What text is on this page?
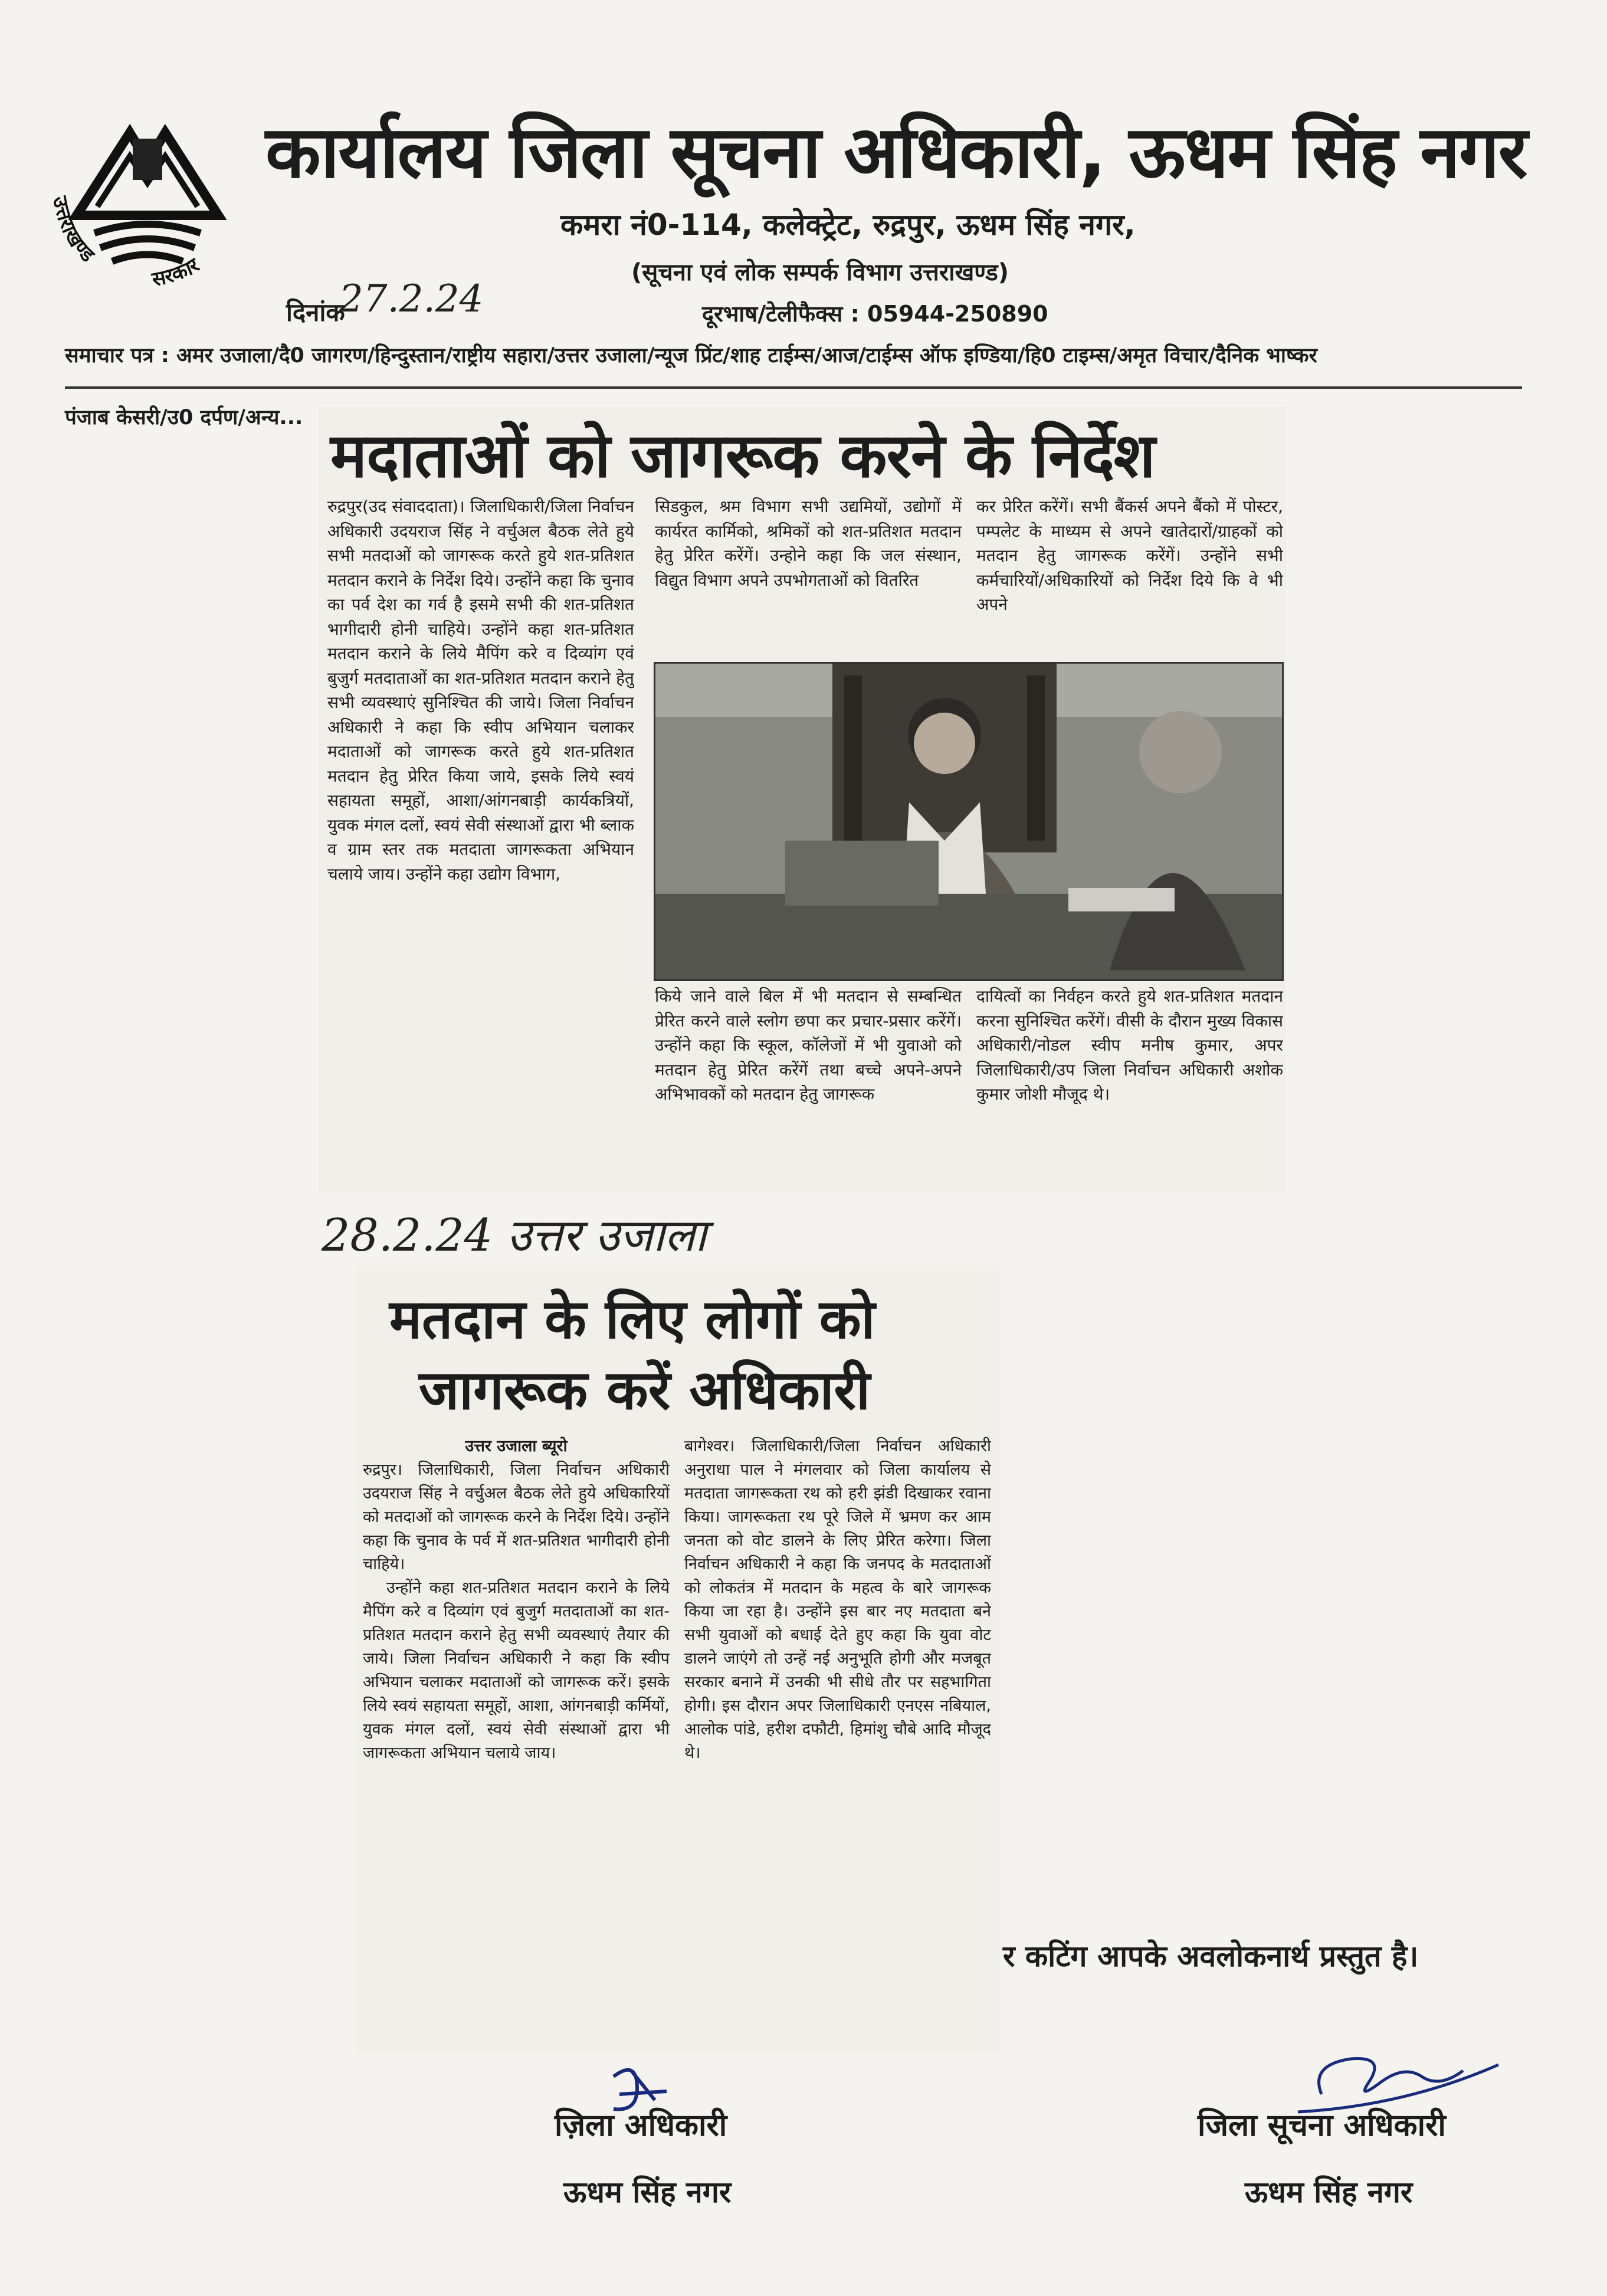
उत्तराखण्ड
सरकार
कार्यालय जिला सूचना अधिकारी, ऊधम सिंह नगर
कमरा नं0-114, कलेक्ट्रेट, रुद्रपुर, ऊधम सिंह नगर,
(सूचना एवं लोक सम्पर्क विभाग उत्तराखण्ड)
दिनांक
27.2.24	दूरभाष/टेलीफैक्स : 05944-250890
समाचार पत्र : अमर उजाला/दै0 जागरण/हिन्दुस्तान/राष्ट्रीय सहारा/उत्तर उजाला/न्यूज प्रिंट/शाह टाईम्स/आज/टाईम्स ऑफ इण्डिया/हि0 टाइम्स/अमृत विचार/दैनिक भाष्कर
पंजाब केसरी/उ0 दर्पण/अन्य...
मदाताओं को जागरूक करने के निर्देश
रुद्रपुर(उद संवाददाता)। जिलाधिकारी/जिला निर्वाचन अधिकारी उदयराज सिंह ने वर्चुअल बैठक लेते हुये सभी मतदाओं को जागरूक करते हुये शत-प्रतिशत मतदान कराने के निर्देश दिये। उन्होंने कहा कि चुनाव का पर्व देश का गर्व है इसमे सभी की शत-प्रतिशत भागीदारी होनी चाहिये। उन्होंने कहा शत-प्रतिशत मतदान कराने के लिये मैपिंग करे व दिव्यांग एवं बुजुर्ग मतदाताओं का शत-प्रतिशत मतदान कराने हेतु सभी व्यवस्थाएं सुनिश्चित की जाये। जिला निर्वाचन अधिकारी ने कहा कि स्वीप अभियान चलाकर मदाताओं को जागरूक करते हुये शत-प्रतिशत मतदान हेतु प्रेरित किया जाये, इसके लिये स्वयं सहायता समूहों, आशा/आंगनबाड़ी कार्यकत्रियों, युवक मंगल दलों, स्वयं सेवी संस्थाओं द्वारा भी ब्लाक व ग्राम स्तर तक मतदाता जागरूकता अभियान चलाये जाय। उन्होंने कहा उद्योग विभाग,
सिडकुल, श्रम विभाग सभी उद्यमियों, उद्योगों में कार्यरत कार्मिको, श्रमिकों को शत-प्रतिशत मतदान हेतु प्रेरित करेंगें। उन्होने कहा कि जल संस्थान, विद्युत विभाग अपने उपभोगताओं को वितरित
कर प्रेरित करेंगें। सभी बैंकर्स अपने बैंको में पोस्टर, पम्पलेट के माध्यम से अपने खातेदारों/ग्राहकों को मतदान हेतु जागरूक करेंगें। उन्होंने सभी कर्मचारियों/अधिकारियों को निर्देश दिये कि वे भी अपने
किये जाने वाले बिल में भी मतदान से सम्बन्धित प्रेरित करने वाले स्लोग छपा कर प्रचार-प्रसार करेंगें। उन्होंने कहा कि स्कूल, कॉलेजों में भी युवाओ को मतदान हेतु प्रेरित करेंगें तथा बच्चे अपने-अपने अभिभावकों को मतदान हेतु जागरूक
दायित्वों का निर्वहन करते हुये शत-प्रतिशत मतदान करना सुनिश्चित करेंगें। वीसी के दौरान मुख्य विकास अधिकारी/नोडल स्वीप मनीष कुमार, अपर जिलाधिकारी/उप जिला निर्वाचन अधिकारी अशोक कुमार जोशी मौजूद थे।
28.2.24 उत्तर उजाला
मतदान के लिए लोगों को
जागरूक करें अधिकारी

उत्तर उजाला ब्यूरो

रुद्रपुर। जिलाधिकारी, जिला निर्वाचन अधिकारी उदयराज सिंह ने वर्चुअल बैठक लेते हुये अधिकारियों को मतदाओं को जागरूक करने के निर्देश दिये। उन्होंने कहा कि चुनाव के पर्व में शत-प्रतिशत भागीदारी होनी चाहिये।

उन्होंने कहा शत-प्रतिशत मतदान कराने के लिये मैपिंग करे व दिव्यांग एवं बुजुर्ग मतदाताओं का शत-प्रतिशत मतदान कराने हेतु सभी व्यवस्थाएं तैयार की जाये। जिला निर्वाचन अधिकारी ने कहा कि स्वीप अभियान चलाकर मदाताओं को जागरूक करें। इसके लिये स्वयं सहायता समूहों, आशा, आंगनबाड़ी कर्मियों, युवक मंगल दलों, स्वयं सेवी संस्थाओं द्वारा भी जागरूकता अभियान चलाये जाय।

बागेश्वर। जिलाधिकारी/जिला निर्वाचन अधिकारी अनुराधा पाल ने मंगलवार को जिला कार्यालय से मतदाता जागरूकता रथ को हरी झंडी दिखाकर रवाना किया। जागरूकता रथ पूरे जिले में भ्रमण कर आम जनता को वोट डालने के लिए प्रेरित करेगा। जिला निर्वाचन अधिकारी ने कहा कि जनपद के मतदाताओं को लोकतंत्र में मतदान के महत्व के बारे जागरूक किया जा रहा है। उन्होंने इस बार नए मतदाता बने सभी युवाओं को बधाई देते हुए कहा कि युवा वोट डालने जाएंगे तो उन्हें नई अनुभूति होगी और मजबूत सरकार बनाने में उनकी भी सीधे तौर पर सहभागिता होगी। इस दौरान अपर जिलाधिकारी एनएस नबियाल, आलोक पांडे, हरीश दफौटी, हिमांशु चौबे आदि मौजूद थे।
र कटिंग आपके अवलोकनार्थ प्रस्तुत है।
ज़िला अधिकारी
ऊधम सिंह नगर
जिला सूचना अधिकारी
ऊधम सिंह नगर
